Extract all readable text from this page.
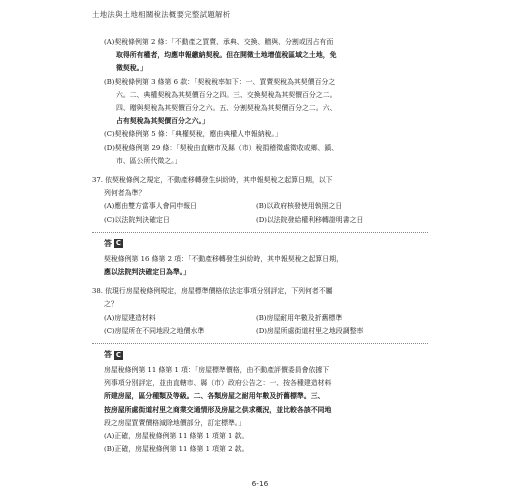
土地法與土地相關稅法概要完整試題解析
(A)契稅條例第 2 條：「不動產之買賣、承典、交換、贈與、分割或因占有而
取得所有權者，均應申報繳納契稅。但在開徵土地增值稅區域之土地，免
徵契稅。」
(B)契稅條例第 3 條第 6 款：「契稅稅率如下：一、買賣契稅為其契價百分之
六。二、典權契稅為其契價百分之四。三、交換契稅為其契價百分之二。
四、贈與契稅為其契價百分之六。五、分割契稅為其契價百分之二。六、
占有契稅為其契價百分之六。」
(C)契稅條例第 5 條：「典權契稅，應由典權人申報納稅。」
(D)契稅條例第 29 條：「契稅由直轄市及縣（市）稅捐稽徵處徵收或鄉、鎮、
市、區公所代徵之。」
37. 依契稅條例之規定，不動產移轉發生糾紛時，其申報契稅之起算日期，以下
列何者為準？
(A)應由雙方當事人會同申報日	(B)以政府核發使用執照之日
(C)以法院判決確定日	(D)以法院發給權利移轉證明書之日
答 C
契稅條例第 16 條第 2 項：「不動產移轉發生糾紛時，其申報契稅之起算日期，
應以法院判決確定日為準。」
38. 依現行房屋稅條例規定，房屋標準價格依法定事項分別評定，下列何者不屬
之？
(A)房屋建造材料	(B)房屋耐用年數及折舊標準
(C)房屋所在不同地段之地價水準	(D)房屋所處街道村里之地段調整率
答 C
房屋稅條例第 11 條第 1 項：「房屋標準價格，由不動產評價委員會依據下
列事項分別評定，並由直轄市、縣（市）政府公告之：一、按各種建造材料
所建房屋，區分種類及等級。二、各類房屋之耐用年數及折舊標準。三、
按房屋所處街道村里之商業交通情形及房屋之供求概況，並比較各該不同地
段之房屋買賣價格減除地價部分，訂定標準。」
(A)正確，房屋稅條例第 11 條第 1 項第 1 款。
(B)正確，房屋稅條例第 11 條第 1 項第 2 款。
6-16
